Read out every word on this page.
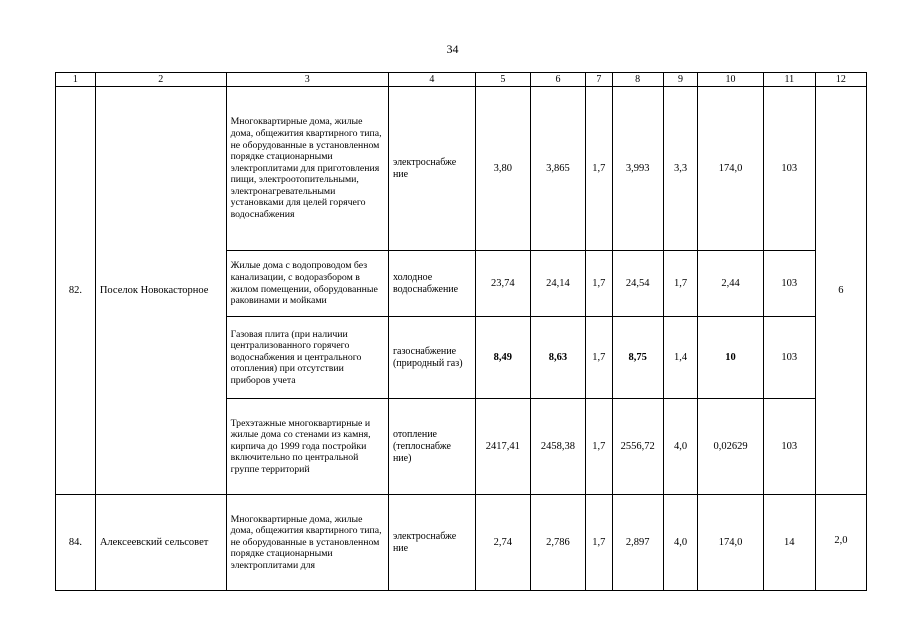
34
1	2	3	4	5	6	7	8	9	10	11	12
82.	Поселок Новокасторное	Многоквартирные дома, жилые дома, общежития квартирного типа, не оборудованные в установленном порядке стационарными электроплитами для приготовления пищи, электроотопительными, электронагревательными установками для целей горячего водоснабжения	электроснабже ние	3,80	3,865	1,7	3,993	3,3	174,0	103	6
		Жилые дома с водопроводом без канализации, с водоразбором в жилом помещении, оборудованные раковинами и мойками	холодное водоснабжение	23,74	24,14	1,7	24,54	1,7	2,44	103	
		Газовая плита (при наличии централизованного горячего водоснабжения и центрального отопления) при отсутствии приборов учета	газоснабжение (природный газ)	8,49	8,63	1,7	8,75	1,4	10	103	
		Трехэтажные многоквартирные и жилые дома со стенами из камня, кирпича до 1999 года постройки включительно по центральной группе территорий	отопление (теплоснабже ние)	2417,41	2458,38	1,7	2556,72	4,0	0,02629	103	
84.	Алексеевский сельсовет	Многоквартирные дома, жилые дома, общежития квартирного типа, не оборудованные в установленном порядке стационарными электроплитами для	электроснабже ние	2,74	2,786	1,7	2,897	4,0	174,0	14	2,0
